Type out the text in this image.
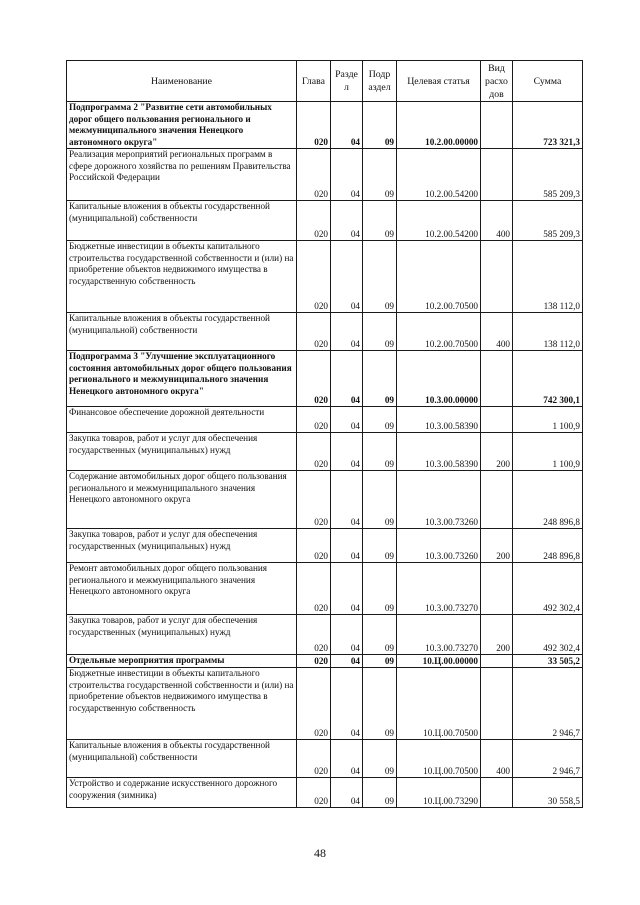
Наименование	Глава	Разде л	Подр аздел	Целевая статья	Вид расхо дов	Сумма
Подпрограмма 2 "Развитие сети автомобильных дорог общего пользования регионального и межмуниципального значения Ненецкого автономного округа"	020	04	09	10.2.00.00000		723 321,3
Реализация мероприятий региональных программ в сфере дорожного хозяйства по решениям Правительства Российской Федерации	020	04	09	10.2.00.54200		585 209,3
Капитальные вложения в объекты государственной (муниципальной) собственности	020	04	09	10.2.00.54200	400	585 209,3
Бюджетные инвестиции в объекты капитального строительства государственной собственности и (или) на приобретение объектов недвижимого имущества в государственную собственность	020	04	09	10.2.00.70500		138 112,0
Капитальные вложения в объекты государственной (муниципальной) собственности	020	04	09	10.2.00.70500	400	138 112,0
Подпрограмма 3 "Улучшение эксплуатационного состояния автомобильных дорог общего пользования регионального и межмуниципального значения Ненецкого автономного округа"	020	04	09	10.3.00.00000		742 300,1
Финансовое обеспечение дорожной деятельности	020	04	09	10.3.00.58390		1 100,9
Закупка товаров, работ и услуг для обеспечения государственных (муниципальных) нужд	020	04	09	10.3.00.58390	200	1 100,9
Содержание автомобильных дорог общего пользования регионального и межмуниципального значения Ненецкого автономного округа	020	04	09	10.3.00.73260		248 896,8
Закупка товаров, работ и услуг для обеспечения государственных (муниципальных) нужд	020	04	09	10.3.00.73260	200	248 896,8
Ремонт автомобильных дорог общего пользования регионального и межмуниципального значения Ненецкого автономного округа	020	04	09	10.3.00.73270		492 302,4
Закупка товаров, работ и услуг для обеспечения государственных (муниципальных) нужд	020	04	09	10.3.00.73270	200	492 302,4
Отдельные мероприятия программы	020	04	09	10.Ц.00.00000		33 505,2
Бюджетные инвестиции в объекты капитального строительства государственной собственности и (или) на приобретение объектов недвижимого имущества в государственную собственность	020	04	09	10.Ц.00.70500		2 946,7
Капитальные вложения в объекты государственной (муниципальной) собственности	020	04	09	10.Ц.00.70500	400	2 946,7
Устройство и содержание искусственного дорожного сооружения (зимника)	020	04	09	10.Ц.00.73290		30 558,5
48
